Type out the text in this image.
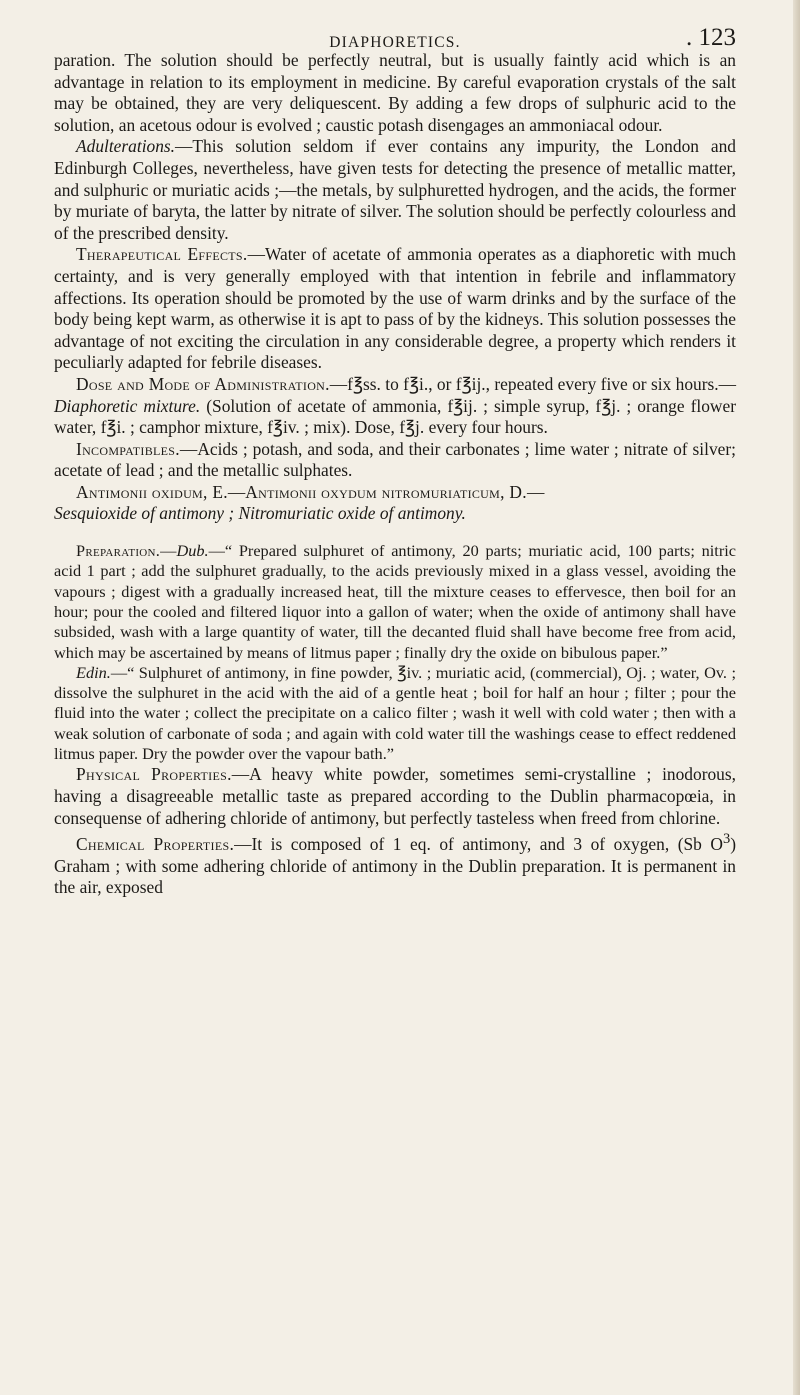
DIAPHORETICS.	. 123

paration. The solution should be perfectly neutral, but is usually faintly acid which is an advantage in relation to its employment in medicine. By careful evaporation crystals of the salt may be obtained, they are very deliquescent. By adding a few drops of sulphuric acid to the solution, an acetous odour is evolved ; caustic potash disengages an ammoniacal odour.

Adulterations.—This solution seldom if ever contains any impurity, the London and Edinburgh Colleges, nevertheless, have given tests for detecting the presence of metallic matter, and sulphuric or muriatic acids ;—the metals, by sulphuretted hydrogen, and the acids, the former by muriate of baryta, the latter by nitrate of silver. The solution should be perfectly colourless and of the prescribed density.

Therapeutical Effects.—Water of acetate of ammonia operates as a diaphoretic with much certainty, and is very generally employed with that intention in febrile and inflammatory affections. Its operation should be promoted by the use of warm drinks and by the surface of the body being kept warm, as otherwise it is apt to pass of by the kidneys. This solution possesses the advantage of not exciting the circulation in any considerable degree, a property which renders it peculiarly adapted for febrile diseases.

Dose and Mode of Administration.—f℥ss. to f℥i., or f℥ij., repeated every five or six hours.—Diaphoretic mixture. (Solution of acetate of ammonia, f℥ij. ; simple syrup, f℥j. ; orange flower water, f℥i. ; camphor mixture, f℥iv. ; mix). Dose, f℥j. every four hours.

Incompatibles.—Acids ; potash, and soda, and their carbonates ; lime water ; nitrate of silver; acetate of lead ; and the metallic sulphates.

Antimonii oxidum, E.—Antimonii oxydum nitromuriaticum, D.—

Sesquioxide of antimony ; Nitromuriatic oxide of antimony.

Preparation.—Dub.—“ Prepared sulphuret of antimony, 20 parts; muriatic acid, 100 parts; nitric acid 1 part ; add the sulphuret gradually, to the acids previously mixed in a glass vessel, avoiding the vapours ; digest with a gradually increased heat, till the mixture ceases to effervesce, then boil for an hour; pour the cooled and filtered liquor into a gallon of water; when the oxide of antimony shall have subsided, wash with a large quantity of water, till the decanted fluid shall have become free from acid, which may be ascertained by means of litmus paper ; finally dry the oxide on bibulous paper.”

Edin.—“ Sulphuret of antimony, in fine powder, ℥iv. ; muriatic acid, (commercial), Oj. ; water, Ov. ; dissolve the sulphuret in the acid with the aid of a gentle heat ; boil for half an hour ; filter ; pour the fluid into the water ; collect the precipitate on a calico filter ; wash it well with cold water ; then with a weak solution of carbonate of soda ; and again with cold water till the washings cease to effect reddened litmus paper. Dry the powder over the vapour bath.”

Physical Properties.—A heavy white powder, sometimes semi-crystalline ; inodorous, having a disagreeable metallic taste as prepared according to the Dublin pharmacopœia, in consequense of adhering chloride of antimony, but perfectly tasteless when freed from chlorine.

Chemical Properties.—It is composed of 1 eq. of antimony, and 3 of oxygen, (Sb $O^3$) Graham ; with some adhering chloride of antimony in the Dublin preparation. It is permanent in the air, exposed
